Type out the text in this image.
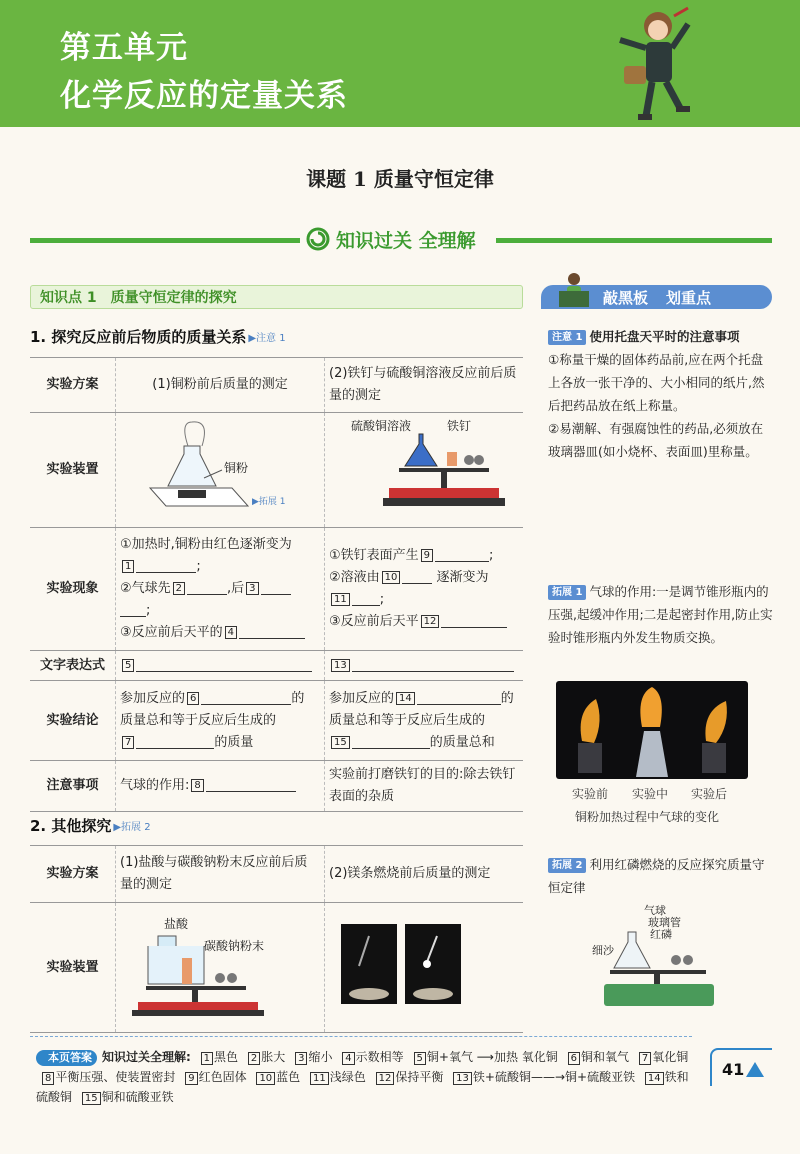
第五单元
化学反应的定量关系
课题 1 质量守恒定律
知识过关 全理解
知识点 1 质量守恒定律的探究
1. 探究反应前后物质的质量关系 ▶注意 1
实验方案	(1)铜粉前后质量的测定	(2)铁钉与硫酸铜溶液反应前后质量的测定
实验装置	铜粉
▶拓展 1	硫酸铜溶液 铁钉

实验现象	①加热时,铜粉由红色逐渐变为
1 ;
②气球先 2 ,后 3
;
③反应前后天平的 4	①铁钉表面产生 9 ;
②溶液由 10 逐渐变为
11 ;
③反应前后天平 12
文字表达式	5	13
实验结论	参加反应的 6 的
质量总和等于反应后生成的
7 的质量	参加反应的 14 的
质量总和等于反应后生成的
15 的质量总和
注意事项	气球的作用: 8	实验前打磨铁钉的目的:除去铁钉表面的杂质
2. 其他探究 ▶拓展 2
实验方案	(1)盐酸与碳酸钠粉末反应前后质量的测定	(2)镁条燃烧前后质量的测定
实验装置	盐酸
碳酸钠粉末

敲黑板 划重点
注意 1 使用托盘天平时的注意事项
①称量干燥的固体药品前,应在两个托盘上各放一张干净的、大小相同的纸片,然后把药品放在纸上称量。
②易潮解、有强腐蚀性的药品,必须放在玻璃器皿(如小烧杯、表面皿)里称量。
拓展 1 气球的作用:一是调节锥形瓶内的压强,起缓冲作用;二是起密封作用,防止实验时锥形瓶内外发生物质交换。
实验前 实验中 实验后
铜粉加热过程中气球的变化
拓展 2 利用红磷燃烧的反应探究质量守恒定律
气球
玻璃管
红磷
细沙
本页答案 知识过关全理解: 1 黑色 2 胀大 3 缩小 4 示数相等 5 铜+氧气 ⟶加热 氧化铜 6 铜和氧气 7 氧化铜 8 平衡压强、使装置密封 9 红色固体 10 蓝色 11 浅绿色 12 保持平衡 13 铁+硫酸铜——→铜+硫酸亚铁 14 铁和硫酸铜 15 铜和硫酸亚铁
41
